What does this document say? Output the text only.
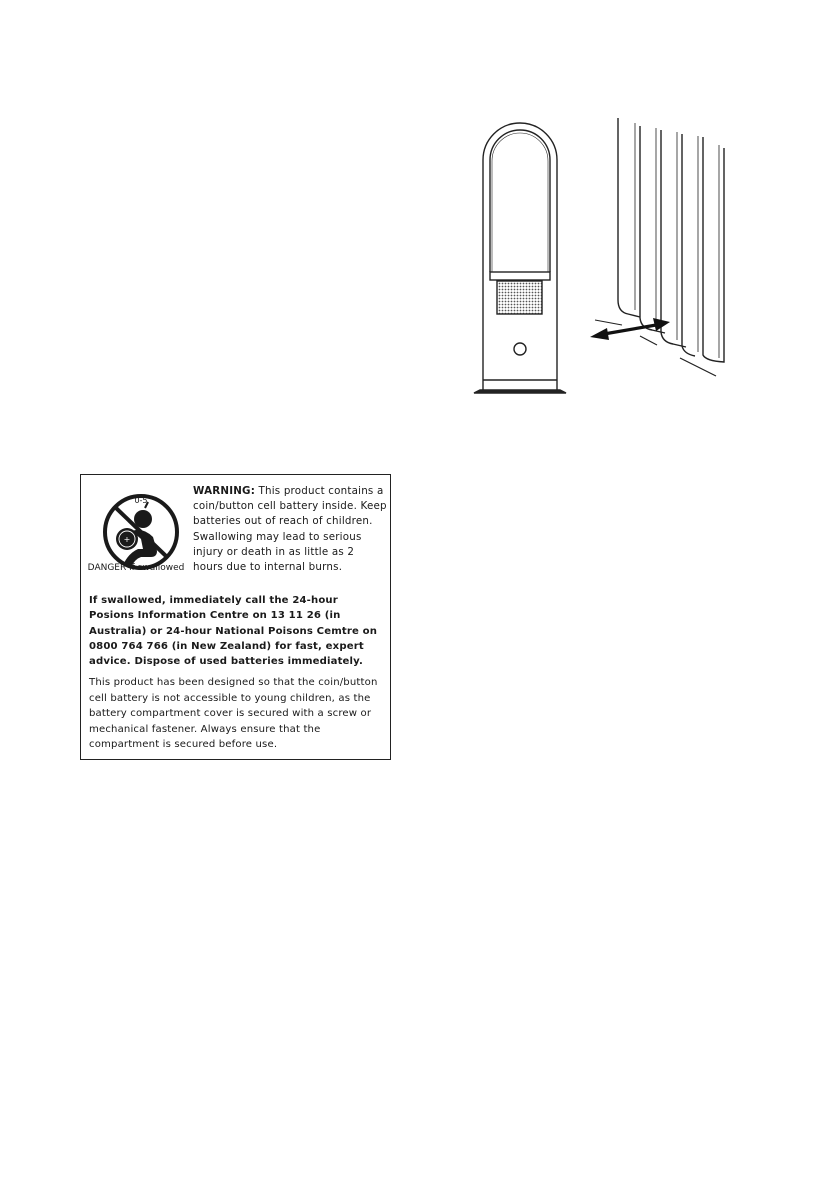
+
0-5
DANGER if swallowed
WARNING: This product contains a coin/button cell battery inside. Keep batteries out of reach of children. Swallowing may lead to serious injury or death in as little as 2 hours due to internal burns.
If swallowed, immediately call the 24-hour Posions Information Centre on 13 11 26 (in Australia) or 24-hour National Poisons Cemtre on 0800 764 766 (in New Zealand) for fast, expert advice. Dispose of used batteries immediately.
This product has been designed so that the coin/button cell battery is not accessible to young children, as the battery compartment cover is secured with a screw or mechanical fastener. Always ensure that the compartment is secured before use.
